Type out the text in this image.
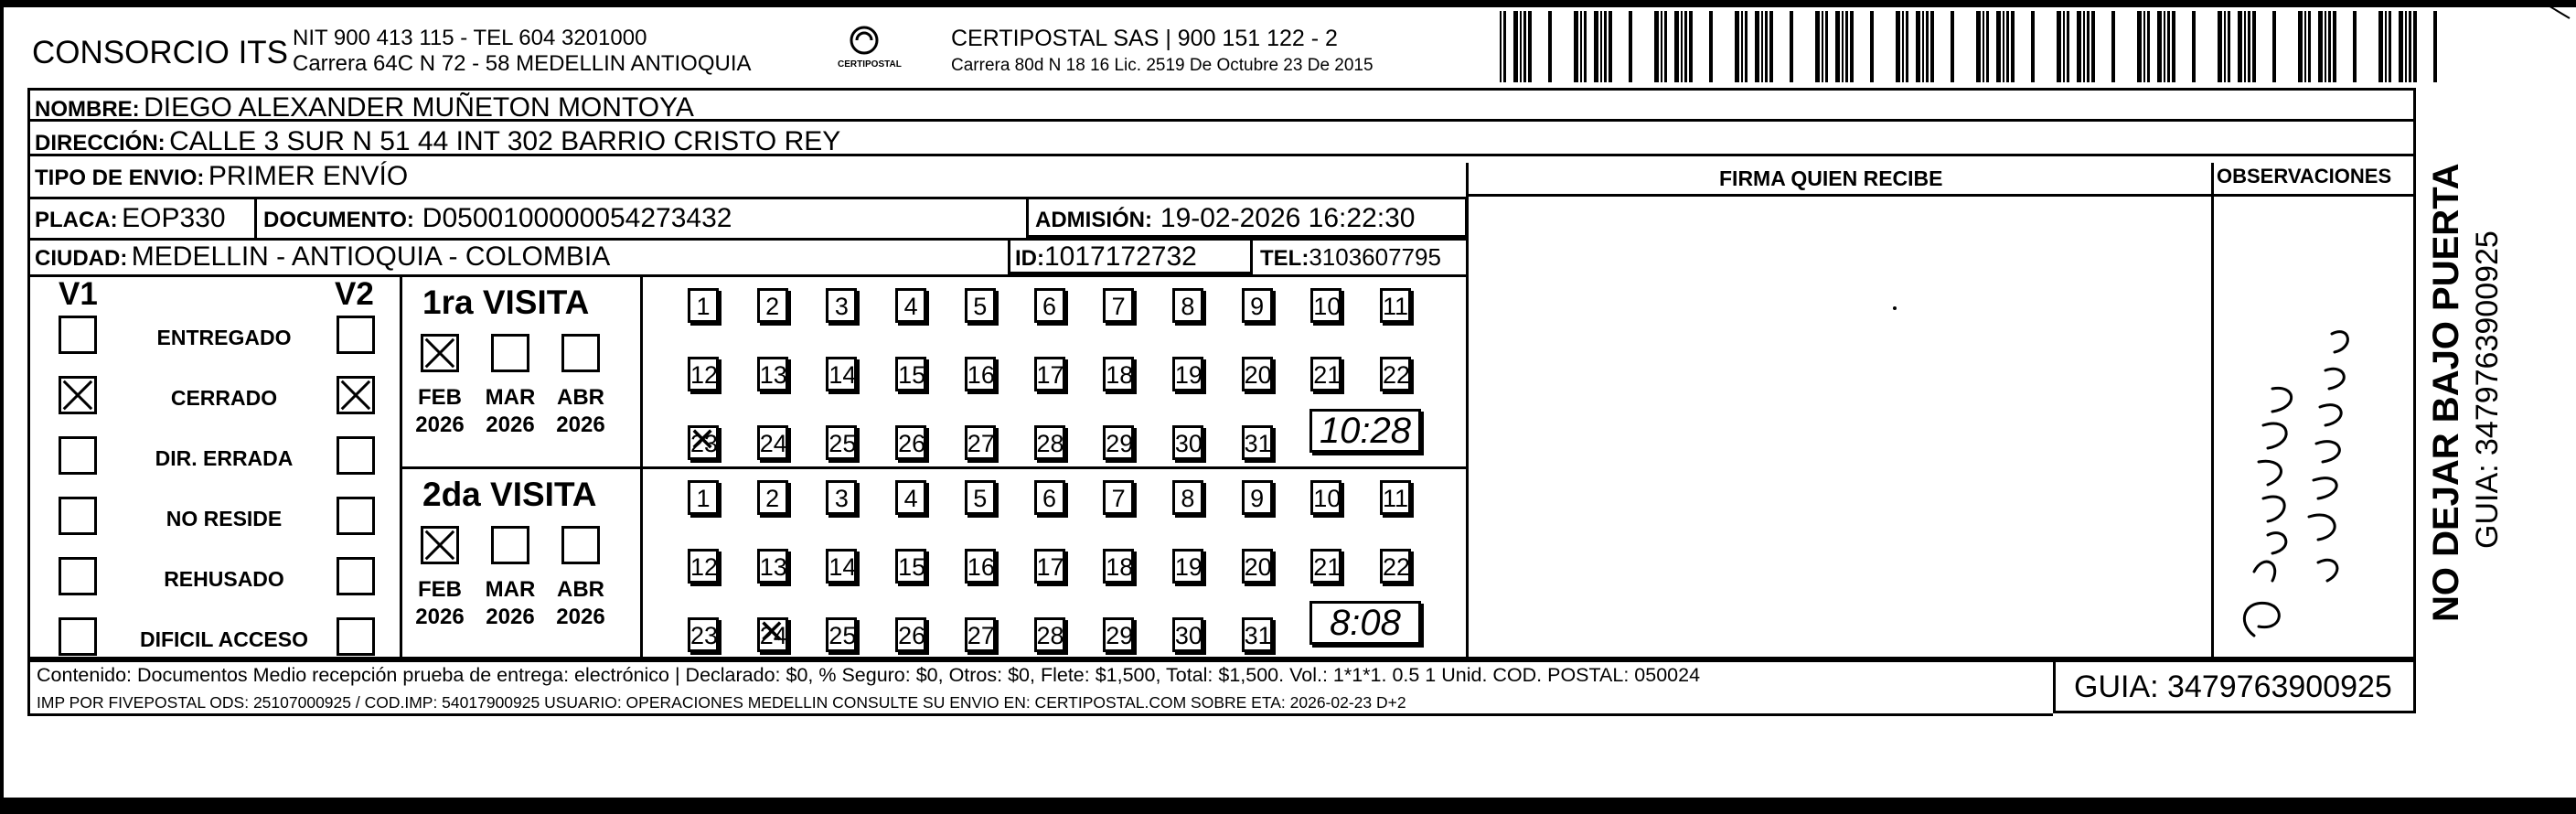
CONSORCIO ITS NIT 900 413 115 - TEL 604 3201000
Carrera 64C N 72 - 58 MEDELLIN ANTIOQUIA	CERTIPOSTAL
CERTIPOSTAL SAS | 900 151 122 - 2
Carrera 80d N 18 16 Lic. 2519 De Octubre 23 De 2015
NOMBRE: DIEGO ALEXANDER MUÑETON MONTOYA
DIRECCIÓN: CALLE 3 SUR N 51 44 INT 302 BARRIO CRISTO REY
TIPO DE ENVIO: PRIMER ENVÍO
PLACA: EOP330 DOCUMENTO: D0500100000054273432	ADMISIÓN: 19-02-2026 16:22:30
CIUDAD: MEDELLIN - ANTIOQUIA - COLOMBIA	ID:1017172732	TEL:3103607795
FIRMA QUIEN RECIBE	OBSERVACIONES
V1	V2
ENTREGADO
CERRADO
DIR. ERRADA
NO RESIDE
REHUSADO
DIFICIL ACCESO
1ra VISITA
2da VISITA
FEB
2026
MAR
2026
ABR
2026
1	2	3	4	5	6	7	8	9	10 11
12 13 14 15 16 17 18 19 20 21 22
23 ✕ 24 25 26 27 28 29 30 31 10:28
FEB
2026
MAR
2026
ABR
2026
1	2	3	4	5	6	7	8	9	10 11
12 13 14 15 16 17 18 19 20 21 22
23 24 ✕ 25 26 27 28 29 30 31	8:08
Contenido: Documentos Medio recepción prueba de entrega: electrónico | Declarado: $0, % Seguro: $0, Otros: $0, Flete: $1,500, Total: $1,500. Vol.: 1*1*1. 0.5 1 Unid. COD. POSTAL: 050024
IMP POR FIVEPOSTAL ODS: 25107000925 / COD.IMP: 54017900925 USUARIO: OPERACIONES MEDELLIN CONSULTE SU ENVIO EN: CERTIPOSTAL.COM SOBRE ETA: 2026-02-23 D+2	GUIA: 3479763900925
NO DEJAR BAJO PUERTA GUIA: 3479763900925
